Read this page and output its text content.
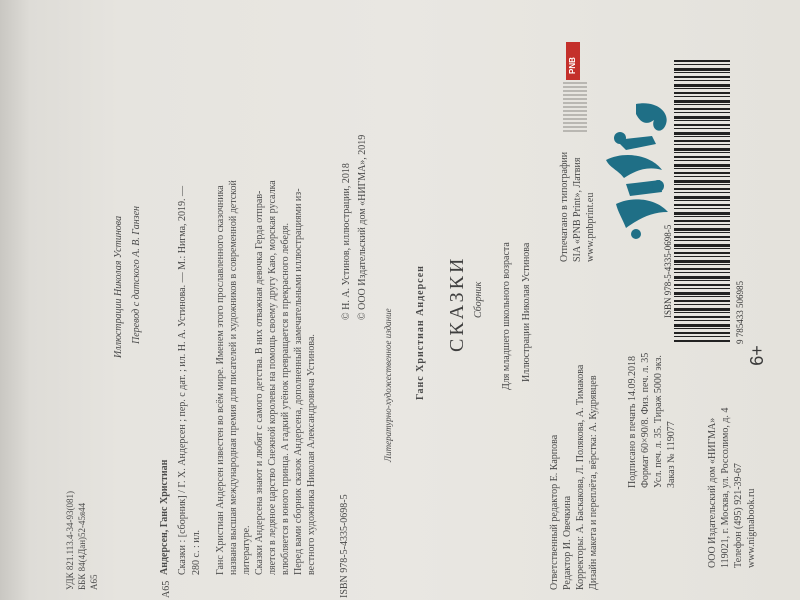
УДК 821.113.4-34-93(081) ББК 84(4Дан)52-45я44 А65
Иллюстрации Николая Устинова Перевод с датского А. В. Ганзен
А65
Андерсен, Ганс Христиан Сказки : [сборник] / Г. Х. Андерсен ; пер. с дат. ; ил. Н. А. Устинова. — М.: Нигма, 2019. — 280 с. : ил. Ганс Христиан Андерсен известен во всём мире. Именем этого прославленного сказочника названа высшая международная премия для писателей и художников в современной детской литературе. Сказки Андерсена знают и любят с самого детства. В них отважная девочка Герда отправ- ляется в ледяное царство Снежной королевы на помощь своему другу Каю, морская русалка влюбляется в юного принца. А гадкий утёнок превращается в прекрасного лебедя. Перед вами сборник сказок Андерсена, дополненный замечательными иллюстрациями из- вестного художника Николая Александровича Устинова. ISBN 978-5-4335-0698-5
© Н. А. Устинов, иллюстрации, 2018 © ООО Издательский дом «НИГМА», 2019
Литературно-художественное издание Ганс Христиан Андерсен СКАЗКИ Сборник Для младшего школьного возраста Иллюстрации Николая Устинова
Ответственный редактор Е. Карпова Редактор И. Овечкина Корректоры: А. Баскакова, Л. Полякова, А. Тимакова Дизайн макета и переплёта, вёрстка: А. Кудрявцев	Подписано в печать 14.09.2018 Формат 60×90/8. Физ. печ. л. 35 Усл. печ. л. 35. Тираж 5000 экз. Заказ № 119077
Отпечатано в типографии SIA «PNB Print», Латвия www.pnbprint.eu
ООО Издательский дом «НИГМА» 119021, г. Москва, ул. Россолимо, д. 4 Телефон (495) 921-39-67 www.nigmabook.ru
PNB
9 785433 506985
ISBN 978-5-4335-0698-5
6+
